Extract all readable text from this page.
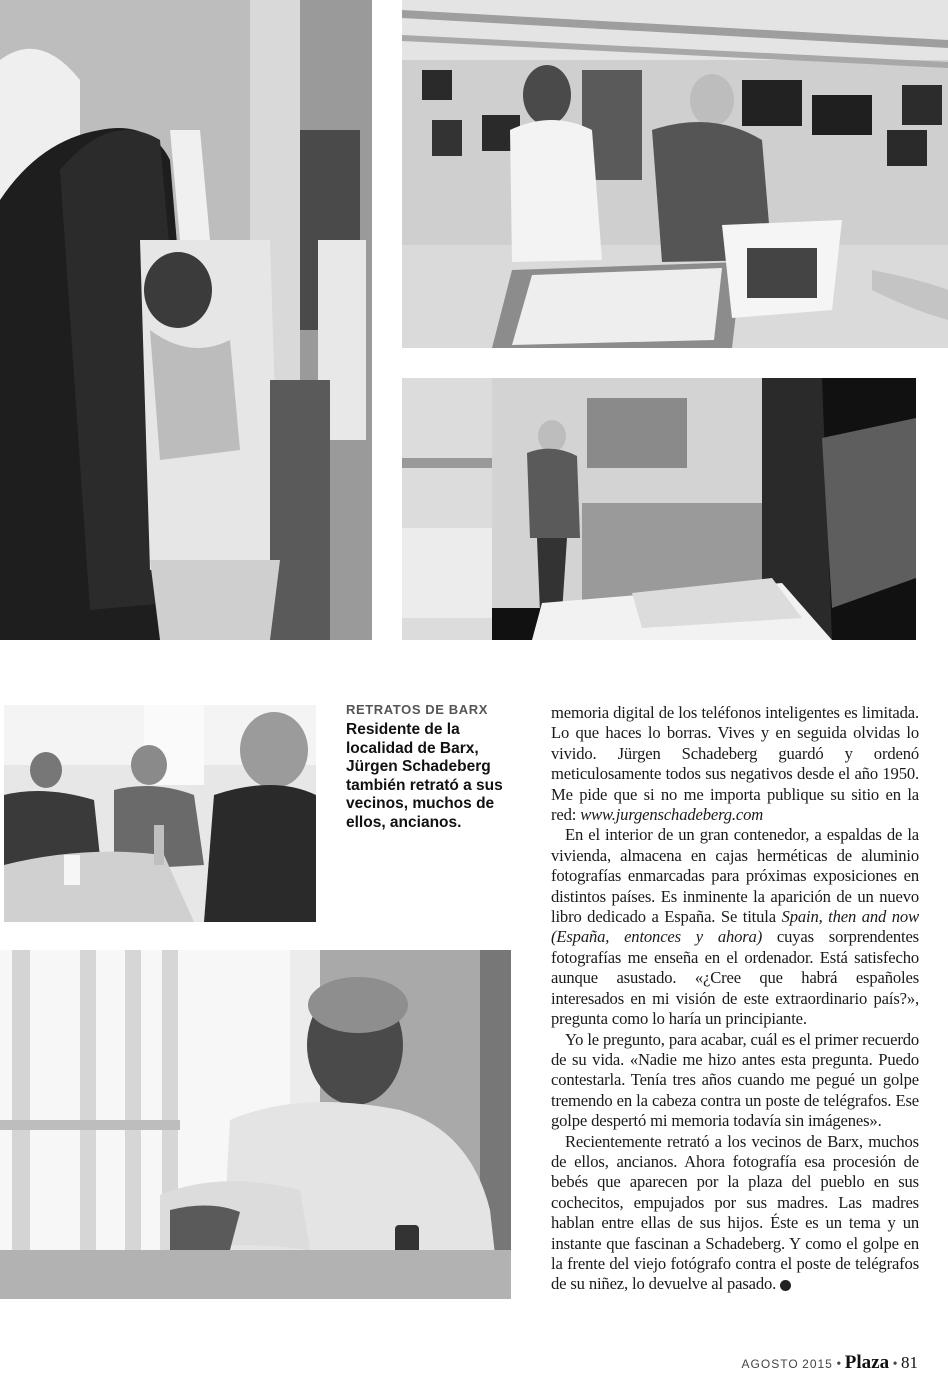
RETRATOS DE BARX

Residente de la localidad de Barx, Jürgen Schadeberg también retrató a sus vecinos, muchos de ellos, ancianos.

memoria digital de los teléfonos inteligentes es limitada. Lo que haces lo borras. Vives y en seguida olvidas lo vivido. Jürgen Schadeberg guardó y ordenó meticulosamente todos sus negativos desde el año 1950. Me pide que si no me importa publique su sitio en la red: www.jurgenschadeberg.com

En el interior de un gran contenedor, a espaldas de la vivienda, almacena en cajas herméticas de aluminio fotografías enmarcadas para próximas exposiciones en distintos países. Es inminente la aparición de un nuevo libro dedicado a España. Se titula Spain, then and now (España, entonces y ahora) cuyas sorprendentes fotografías me enseña en el ordenador. Está satisfecho aunque asustado. «¿Cree que habrá españoles interesados en mi visión de este extraordinario país?», pregunta como lo haría un principiante.

Yo le pregunto, para acabar, cuál es el primer recuerdo de su vida. «Nadie me hizo antes esta pregunta. Puedo contestarla. Tenía tres años cuando me pegué un golpe tremendo en la cabeza contra un poste de telégrafos. Ese golpe despertó mi memoria todavía sin imágenes».

Recientemente retrató a los vecinos de Barx, muchos de ellos, ancianos. Ahora fotografía esa procesión de bebés que aparecen por la plaza del pueblo en sus cochecitos, empujados por sus madres. Las madres hablan entre ellas de sus hijos. Éste es un tema y un instante que fascinan a Schadeberg. Y como el golpe en la frente del viejo fotógrafo contra el poste de telégrafos de su niñez, lo devuelve al pasado.

AGOSTO 2015 • Plaza • 81
